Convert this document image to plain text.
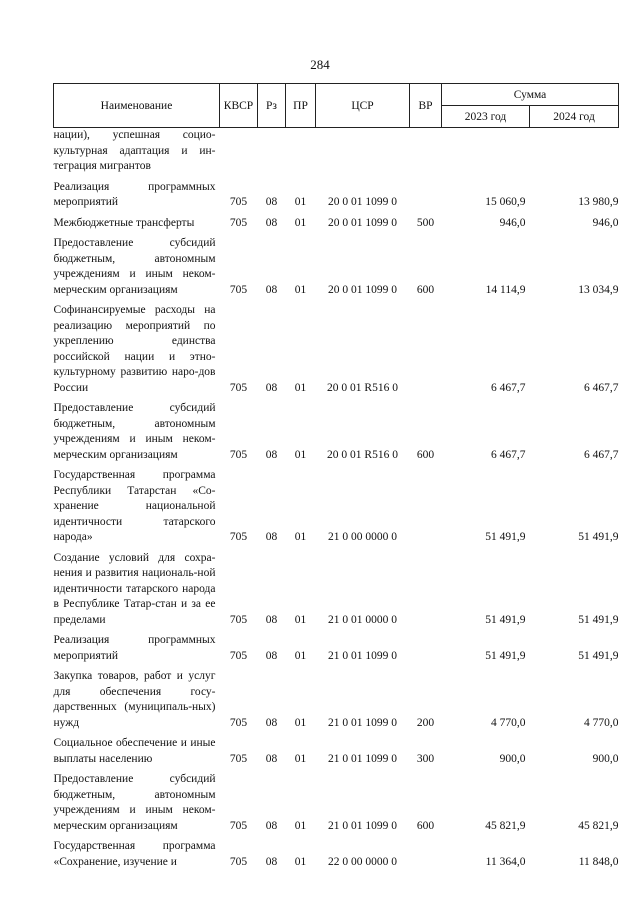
284
Наименование	КВСР	Рз	ПР	ЦСР	ВР	Сумма	
						2023 год	2024 год
нации), успешная социо-культурная адаптация и ин-теграция мигрантов							
Реализация программных мероприятий	705	08	01	20 0 01 1099 0		15 060,9	13 980,9
Межбюджетные трансферты	705	08	01	20 0 01 1099 0	500	946,0	946,0
Предоставление субсидий бюджетным, автономным учреждениям и иным неком-мерческим организациям	705	08	01	20 0 01 1099 0	600	14 114,9	13 034,9
Софинансируемые расходы на реализацию мероприятий по укреплению единства российской нации и этно-культурному развитию наро-дов России	705	08	01	20 0 01 R516 0		6 467,7	6 467,7
Предоставление субсидий бюджетным, автономным учреждениям и иным неком-мерческим организациям	705	08	01	20 0 01 R516 0	600	6 467,7	6 467,7
Государственная программа Республики Татарстан «Со-хранение национальной идентичности татарского народа»	705	08	01	21 0 00 0000 0		51 491,9	51 491,9
Создание условий для сохра-нения и развития националь-ной идентичности татарского народа в Республике Татар-стан и за ее пределами	705	08	01	21 0 01 0000 0		51 491,9	51 491,9
Реализация программных мероприятий	705	08	01	21 0 01 1099 0		51 491,9	51 491,9
Закупка товаров, работ и услуг для обеспечения госу-дарственных (муниципаль-ных) нужд	705	08	01	21 0 01 1099 0	200	4 770,0	4 770,0
Социальное обеспечение и иные выплаты населению	705	08	01	21 0 01 1099 0	300	900,0	900,0
Предоставление субсидий бюджетным, автономным учреждениям и иным неком-мерческим организациям	705	08	01	21 0 01 1099 0	600	45 821,9	45 821,9
Государственная программа «Сохранение, изучение и	705	08	01	22 0 00 0000 0		11 364,0	11 848,0
